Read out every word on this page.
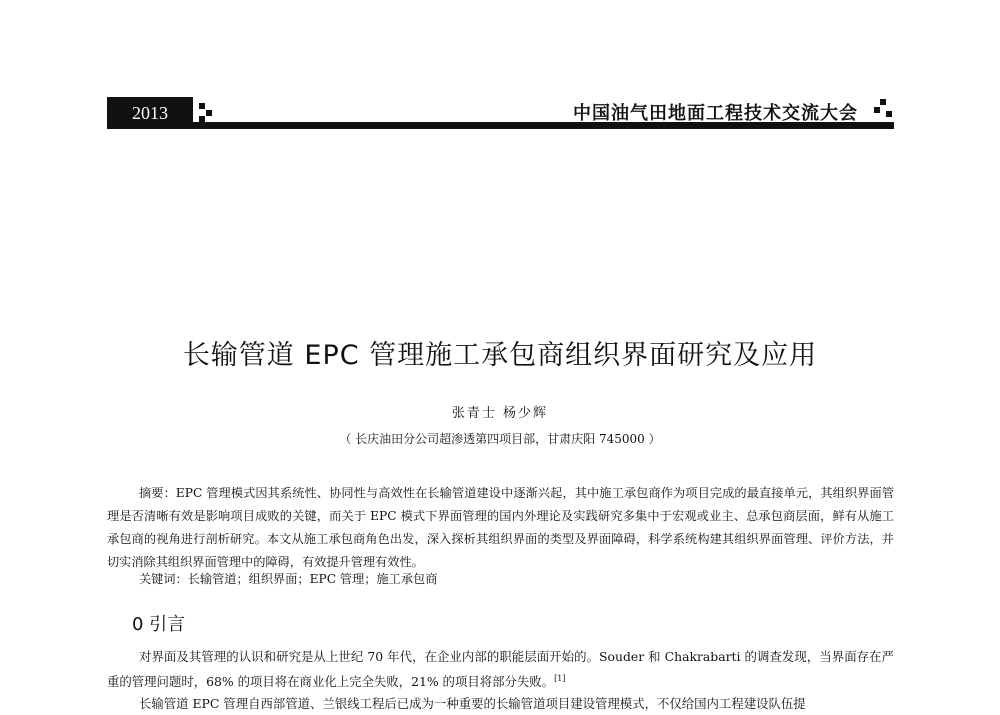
2013	中国油气田地面工程技术交流大会
长输管道 EPC 管理施工承包商组织界面研究及应用
张青士 杨少辉
（ 长庆油田分公司超渗透第四项目部，甘肃庆阳 745000 ）
摘要：EPC 管理模式因其系统性、协同性与高效性在长输管道建设中逐渐兴起，其中施工承包商作为项目完成的最直接单元，其组织界面管理是否清晰有效是影响项目成败的关键，而关于 EPC 模式下界面管理的国内外理论及实践研究多集中于宏观或业主、总承包商层面，鲜有从施工承包商的视角进行剖析研究。本文从施工承包商角色出发，深入探析其组织界面的类型及界面障碍，科学系统构建其组织界面管理、评价方法，并切实消除其组织界面管理中的障碍，有效提升管理有效性。
关键词：长输管道；组织界面；EPC 管理；施工承包商
0 引言

对界面及其管理的认识和研究是从上世纪 70 年代，在企业内部的职能层面开始的。Souder 和 Chakrabarti 的调查发现，当界面存在严重的管理问题时，68% 的项目将在商业化上完全失败，21% 的项目将部分失败。[1]

长输管道 EPC 管理自西部管道、兰银线工程后已成为一种重要的长输管道项目建设管理模式，不仅给国内工程建设队伍提
